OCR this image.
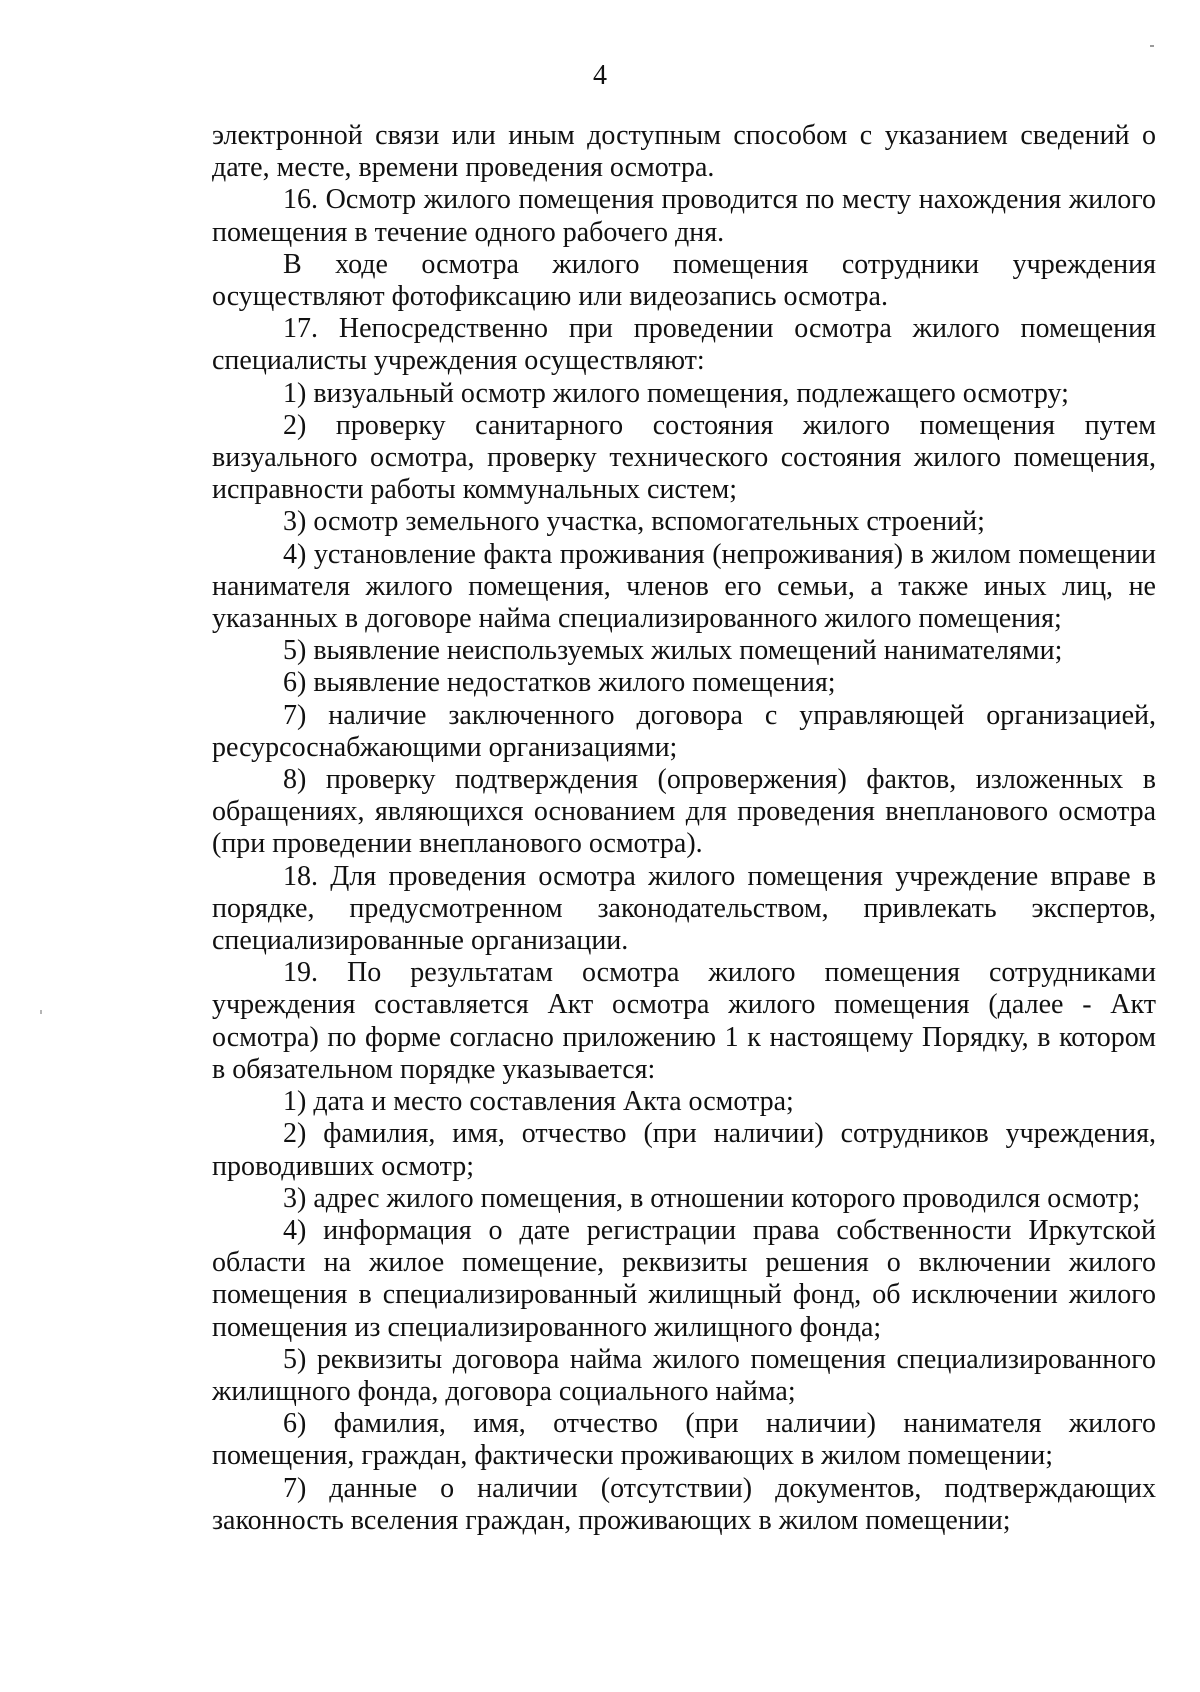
4

электронной связи или иным доступным способом с указанием сведений о дате, месте, времени проведения осмотра.

16. Осмотр жилого помещения проводится по месту нахождения жилого помещения в течение одного рабочего дня.

В ходе осмотра жилого помещения сотрудники учреждения осуществляют фотофиксацию или видеозапись осмотра.

17. Непосредственно при проведении осмотра жилого помещения специалисты учреждения осуществляют:

1) визуальный осмотр жилого помещения, подлежащего осмотру;

2) проверку санитарного состояния жилого помещения путем визуального осмотра, проверку технического состояния жилого помещения, исправности работы коммунальных систем;

3) осмотр земельного участка, вспомогательных строений;

4) установление факта проживания (непроживания) в жилом помещении нанимателя жилого помещения, членов его семьи, а также иных лиц, не указанных в договоре найма специализированного жилого помещения;

5) выявление неиспользуемых жилых помещений нанимателями;

6) выявление недостатков жилого помещения;

7) наличие заключенного договора с управляющей организацией, ресурсоснабжающими организациями;

8) проверку подтверждения (опровержения) фактов, изложенных в обращениях, являющихся основанием для проведения внепланового осмотра (при проведении внепланового осмотра).

18. Для проведения осмотра жилого помещения учреждение вправе в порядке, предусмотренном законодательством, привлекать экспертов, специализированные организации.

19. По результатам осмотра жилого помещения сотрудниками учреждения составляется Акт осмотра жилого помещения (далее - Акт осмотра) по форме согласно приложению 1 к настоящему Порядку, в котором в обязательном порядке указывается:

1) дата и место составления Акта осмотра;

2) фамилия, имя, отчество (при наличии) сотрудников учреждения, проводивших осмотр;

3) адрес жилого помещения, в отношении которого проводился осмотр;

4) информация о дате регистрации права собственности Иркутской области на жилое помещение, реквизиты решения о включении жилого помещения в специализированный жилищный фонд, об исключении жилого помещения из специализированного жилищного фонда;

5) реквизиты договора найма жилого помещения специализированного жилищного фонда, договора социального найма;

6) фамилия, имя, отчество (при наличии) нанимателя жилого помещения, граждан, фактически проживающих в жилом помещении;

7) данные о наличии (отсутствии) документов, подтверждающих законность вселения граждан, проживающих в жилом помещении;
